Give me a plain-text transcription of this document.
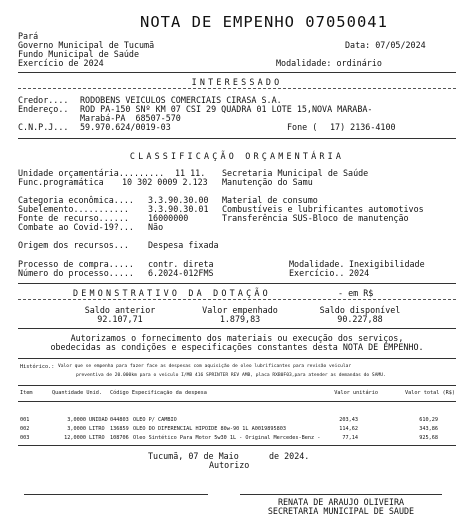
NOTA DE EMPENHO 07050041
Pará
Governo Municipal de Tucumã	Data: 07/05/2024
Fundo Municipal de Saúde
Exercício de 2024	Modalidade: ordinário
INTERESSADO
Credor.... RODOBENS VEICULOS COMERCIAIS CIRASA S.A.
Endereço.. ROD PA-150 SNº KM 07 CSI 29 QUADRA 01 LOTE 15,NOVA MARABA-
Marabá-PA  68507-570
C.N.P.J... 59.970.624/0019-03	Fone ( 17) 2136-4100
CLASSIFICAÇÃO ORÇAMENTÁRIA
Unidade orçamentária......... 11 11. Secretaria Municipal de Saúde
Func.programática 10 302 0009 2.123 Manutenção do Samu
Categoria econômica.... 3.3.90.30.00 Material de consumo
Subelemento........... 3.3.90.30.01 Combustíveis e lubrificantes automotivos
Fonte de recurso...... 16000000	Transferência SUS-Bloco de manutenção
Combate ao Covid-19?... Não
Origem dos recursos... Despesa fixada
Processo de compra..... contr. direta	Modalidade. Inexigibilidade
Número do processo..... 6.2024-012FMS	Exercício.. 2024
DEMONSTRATIVO DA DOTAÇÃO	- em R$
Saldo anterior
92.107,71
Valor empenhado
1.879,83
Saldo disponível
90.227,88
Autorizamos o fornecimento dos materiais ou execução dos serviços,
obedecidas as condições e especificações constantes desta NOTA DE EMPENHO.
Histórico.: Valor que se empenha para fazer face as despesas com aquisição de oleo lubrificantes para revisão veicular
preventiva de 20.000km para o veiculo I/MB 416 SPRINTER REV AMB, placa RXB0F03,para atender as demandas do SAMU.
Item	Quantidade Unid. Código Especificação da despesa	Valor unitário	Valor total (R$)
001	3,0000 UNIDAD 044803 OLEO P/ CAMBIO	203,43	610,29
002	3,0000 LITRO 136859 OLEO DO DIFERENCIAL HIPOIDE 80w-90 1L A0019895803	114,62	343,86
003	12,0000 LITRO 108706 Oleo Sintético Para Motor 5w30 1L - Original Mercedes-Benz -	77,14	925,68
Tucumã, 07 de Maio      de 2024.
Autorizo
RENATA DE ARAUJO OLIVEIRA
SECRETARIA MUNICIPAL DE SAUDE
